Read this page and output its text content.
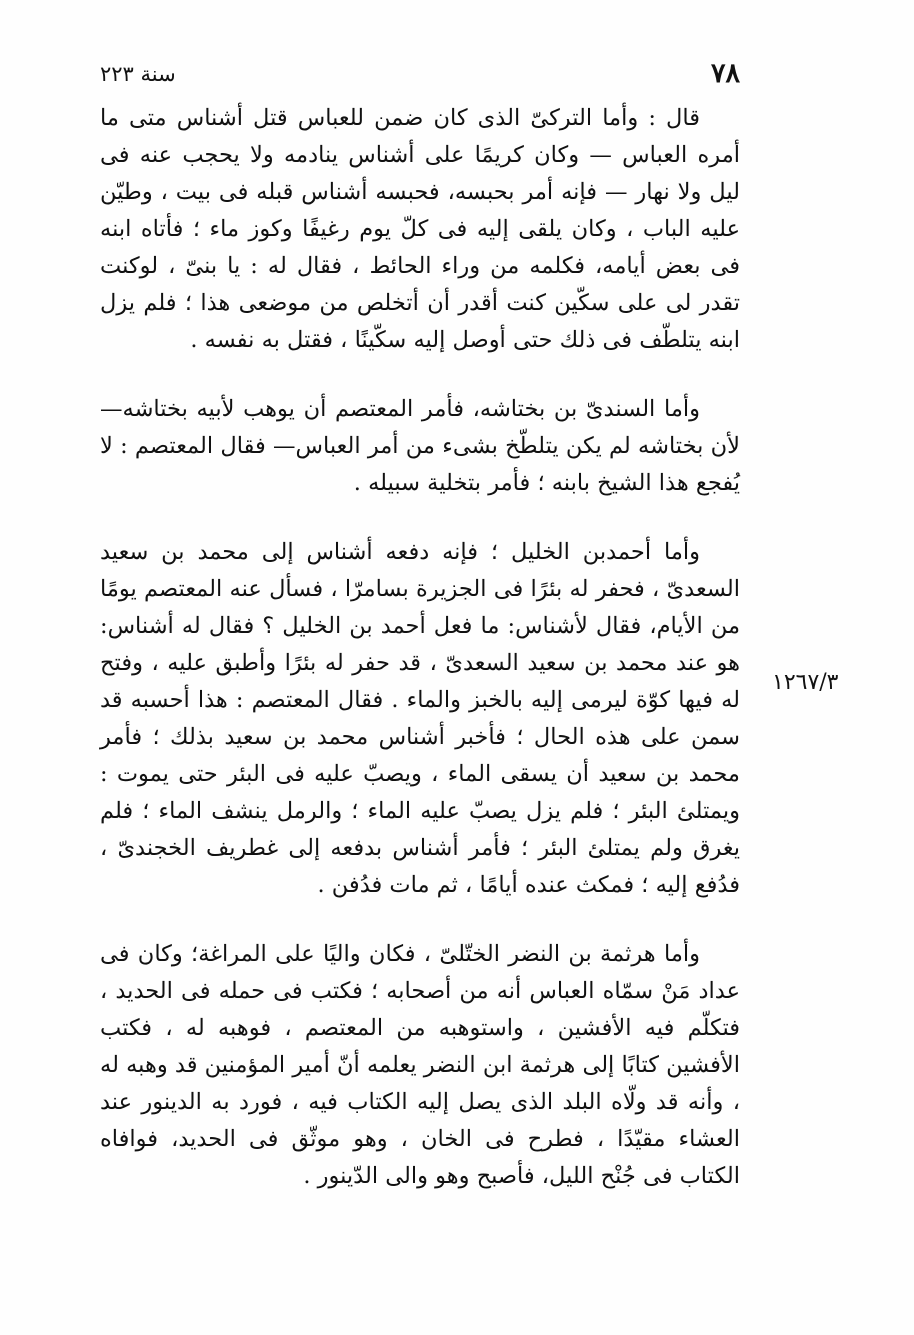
٧٨
سنة ٢٢٣

قال : وأما التركىّ الذى كان ضمن للعباس قتل أشناس متى ما أمره العباس — وكان كريمًا على أشناس ينادمه ولا يحجب عنه فى ليل ولا نهار — فإنه أمر بحبسه، فحبسه أشناس قبله فى بيت ، وطيّن عليه الباب ، وكان يلقى إليه فى كلّ يوم رغيفًا وكوز ماء ؛ فأتاه ابنه فى بعض أيامه، فكلمه من وراء الحائط ، فقال له : يا بنىّ ، لوكنت تقدر لى على سكّين كنت أقدر أن أتخلص من موضعى هذا ؛ فلم يزل ابنه يتلطّف فى ذلك حتى أوصل إليه سكّينًا ، فقتل به نفسه .

وأما السندىّ بن بختاشه، فأمر المعتصم أن يوهب لأبيه بختاشه— لأن بختاشه لم يكن يتلطّخ بشىء من أمر العباس— فقال المعتصم : لا يُفجع هذا الشيخ بابنه ؛ فأمر بتخلية سبيله .

وأما أحمدبن الخليل ؛ فإنه دفعه أشناس إلى محمد بن سعيد السعدىّ ، فحفر له بئرًا فى الجزيرة بسامرّا ، فسأل عنه المعتصم يومًا من الأيام، فقال لأشناس: ما فعل أحمد بن الخليل ؟ فقال له أشناس: هو عند محمد بن سعيد السعدىّ ، قد حفر له بئرًا وأطبق عليه ، وفتح له فيها كوّة ليرمى إليه بالخبز والماء . فقال المعتصم : هذا أحسبه قد سمن على هذه الحال ؛ فأخبر أشناس محمد بن سعيد بذلك ؛ فأمر محمد بن سعيد أن يسقى الماء ، ويصبّ عليه فى البئر حتى يموت : ويمتلئ البئر ؛ فلم يزل يصبّ عليه الماء ؛ والرمل ينشف الماء ؛ فلم يغرق ولم يمتلئ البئر ؛ فأمر أشناس بدفعه إلى غطريف الخجندىّ ، فدُفع إليه ؛ فمكث عنده أيامًا ، ثم مات فدُفن .

وأما هرثمة بن النضر الختّلىّ ، فكان واليًا على المراغة؛ وكان فى عداد مَنْ سمّاه العباس أنه من أصحابه ؛ فكتب فى حمله فى الحديد ، فتكلّم فيه الأفشين ، واستوهبه من المعتصم ، فوهبه له ، فكتب الأفشين كتابًا إلى هرثمة ابن النضر يعلمه أنّ أمير المؤمنين قد وهبه له ، وأنه قد ولّاه البلد الذى يصل إليه الكتاب فيه ، فورد به الدينور عند العشاء مقيّدًا ، فطرح فى الخان ، وهو موثّق فى الحديد، فوافاه الكتاب فى جُنْح الليل، فأصبح وهو والى الدّينور .

١٢٦٧/٣
